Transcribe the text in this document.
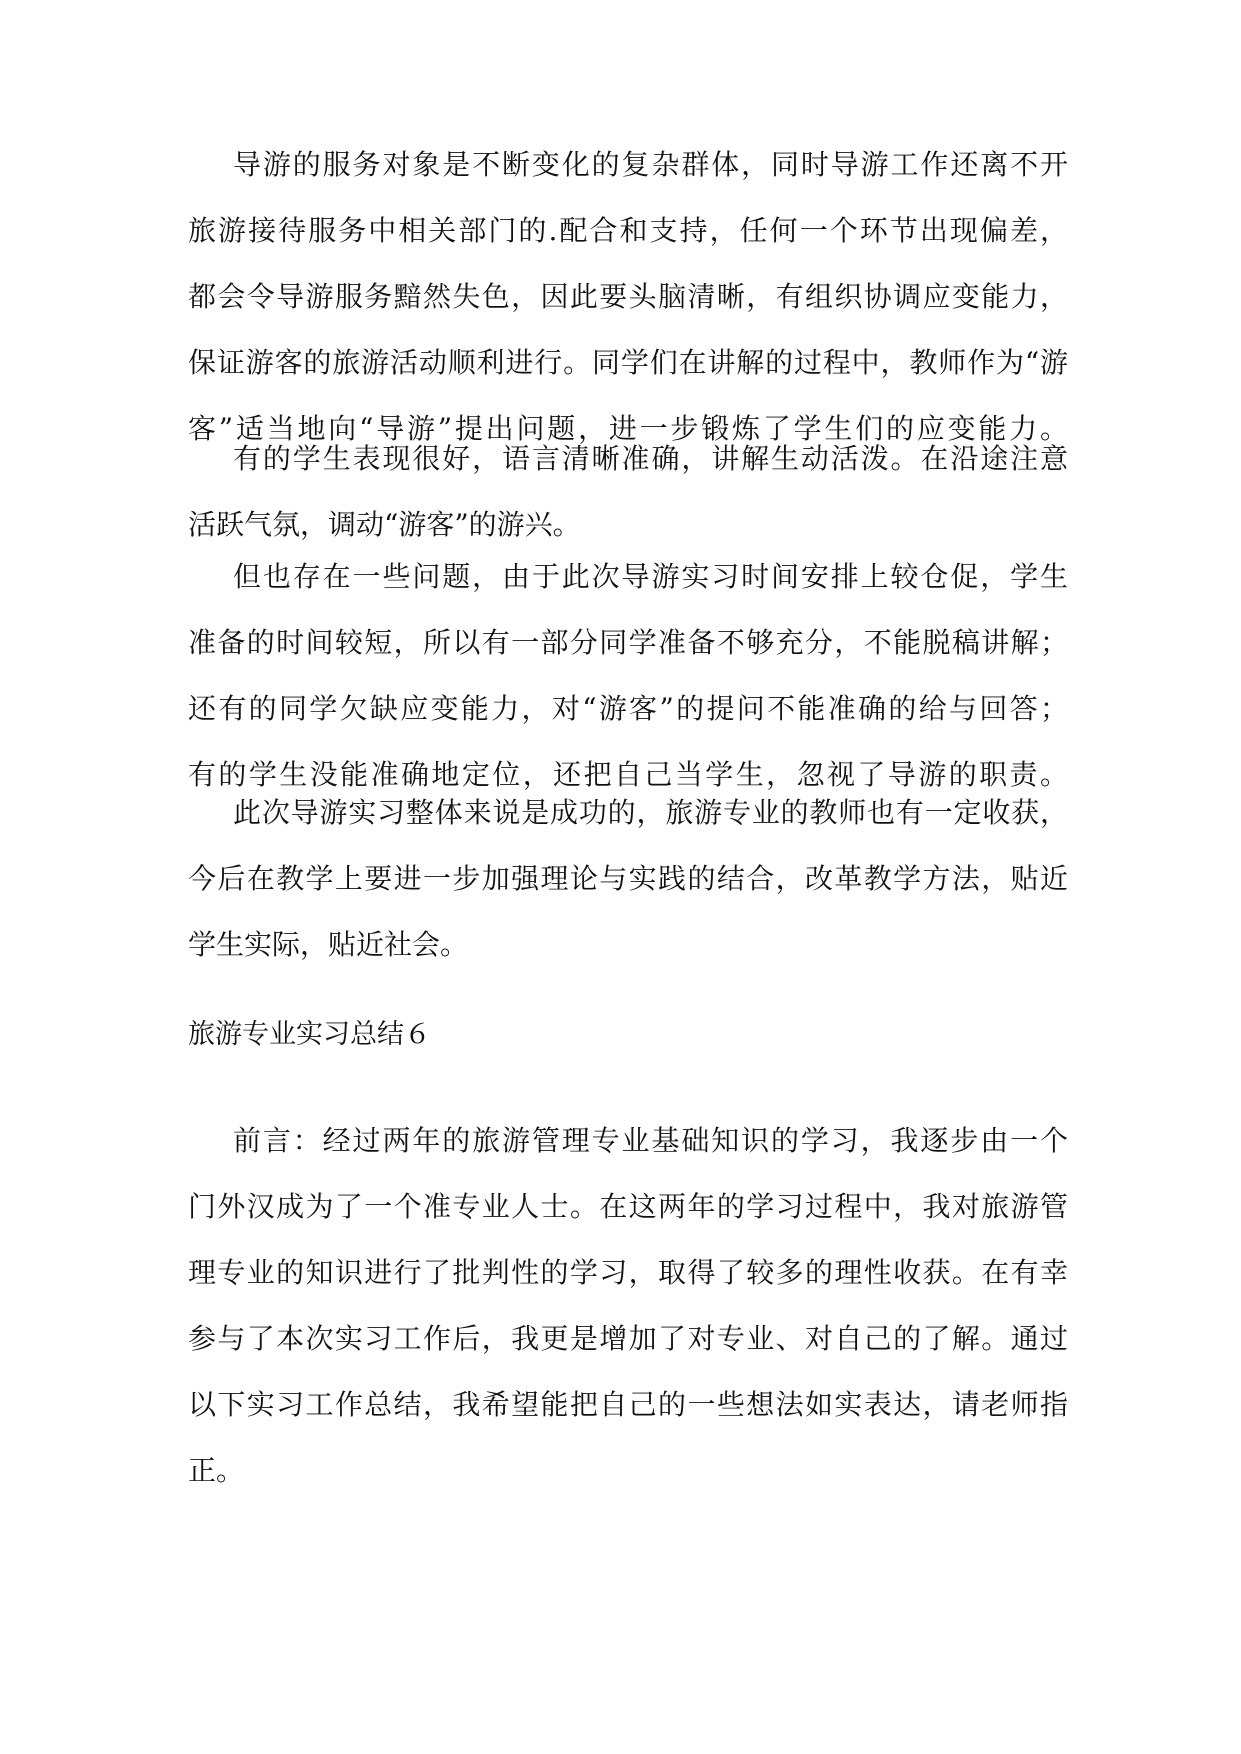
导游的服务对象是不断变化的复杂群体，同时导游工作还离不开
旅游接待服务中相关部门的.配合和支持，任何一个环节出现偏差，
都会令导游服务黯然失色，因此要头脑清晰，有组织协调应变能力，
保证游客的旅游活动顺利进行。同学们在讲解的过程中，教师作为“游
客”适当地向“导游”提出问题，进一步锻炼了学生们的应变能力。
有的学生表现很好，语言清晰准确，讲解生动活泼。在沿途注意
活跃气氛，调动“游客”的游兴。
但也存在一些问题，由于此次导游实习时间安排上较仓促，学生
准备的时间较短，所以有一部分同学准备不够充分，不能脱稿讲解；
还有的同学欠缺应变能力，对“游客”的提问不能准确的给与回答；
有的学生没能准确地定位，还把自己当学生，忽视了导游的职责。
此次导游实习整体来说是成功的，旅游专业的教师也有一定收获，
今后在教学上要进一步加强理论与实践的结合，改革教学方法，贴近
学生实际，贴近社会。
旅游专业实习总结６
前言：经过两年的旅游管理专业基础知识的学习，我逐步由一个
门外汉成为了一个准专业人士。在这两年的学习过程中，我对旅游管
理专业的知识进行了批判性的学习，取得了较多的理性收获。在有幸
参与了本次实习工作后，我更是增加了对专业、对自己的了解。通过
以下实习工作总结，我希望能把自己的一些想法如实表达，请老师指
正。
